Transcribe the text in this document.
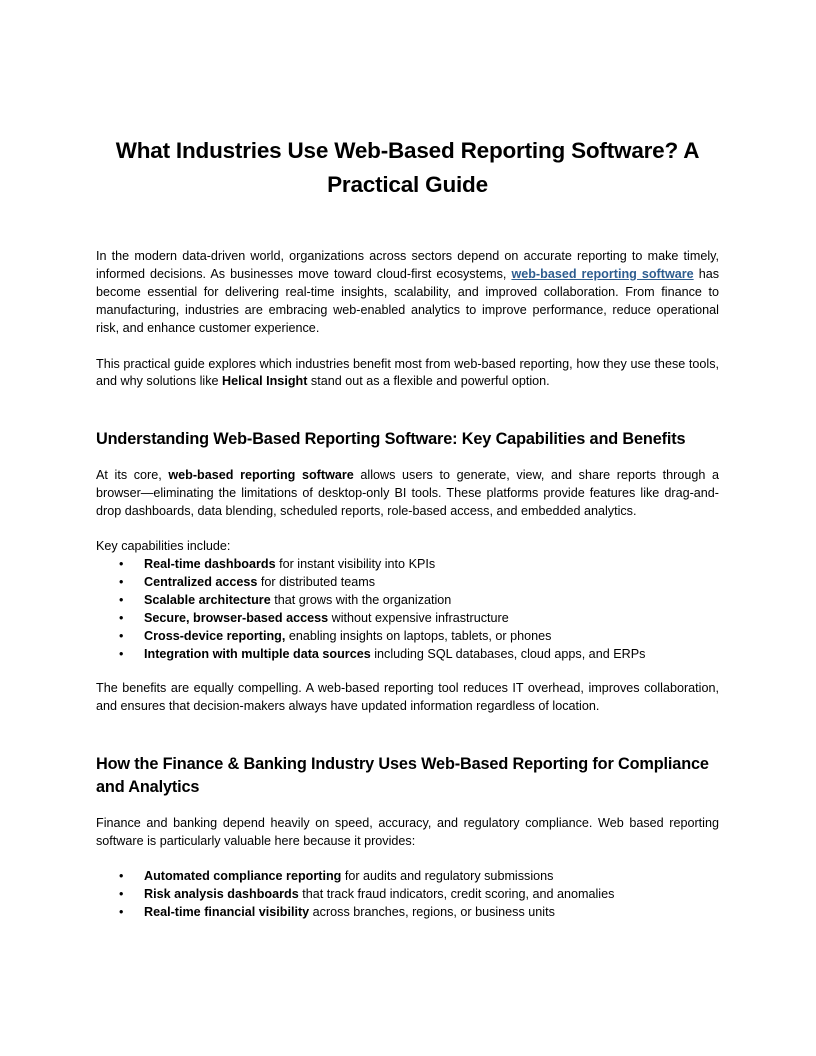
What Industries Use Web-Based Reporting Software? A Practical Guide

In the modern data-driven world, organizations across sectors depend on accurate reporting to make timely, informed decisions. As businesses move toward cloud-first ecosystems, web-based reporting software has become essential for delivering real-time insights, scalability, and improved collaboration. From finance to manufacturing, industries are embracing web-enabled analytics to improve performance, reduce operational risk, and enhance customer experience.

This practical guide explores which industries benefit most from web-based reporting, how they use these tools, and why solutions like Helical Insight stand out as a flexible and powerful option.

Understanding Web-Based Reporting Software: Key Capabilities and Benefits

At its core, web-based reporting software allows users to generate, view, and share reports through a browser—eliminating the limitations of desktop-only BI tools. These platforms provide features like drag-and-drop dashboards, data blending, scheduled reports, role-based access, and embedded analytics.

Key capabilities include:

• Real-time dashboards for instant visibility into KPIs
• Centralized access for distributed teams
• Scalable architecture that grows with the organization
• Secure, browser-based access without expensive infrastructure
• Cross-device reporting, enabling insights on laptops, tablets, or phones
• Integration with multiple data sources including SQL databases, cloud apps, and ERPs

The benefits are equally compelling. A web-based reporting tool reduces IT overhead, improves collaboration, and ensures that decision-makers always have updated information regardless of location.

How the Finance & Banking Industry Uses Web-Based Reporting for Compliance and Analytics

Finance and banking depend heavily on speed, accuracy, and regulatory compliance. Web based reporting software is particularly valuable here because it provides:

• Automated compliance reporting for audits and regulatory submissions
• Risk analysis dashboards that track fraud indicators, credit scoring, and anomalies
• Real-time financial visibility across branches, regions, or business units
